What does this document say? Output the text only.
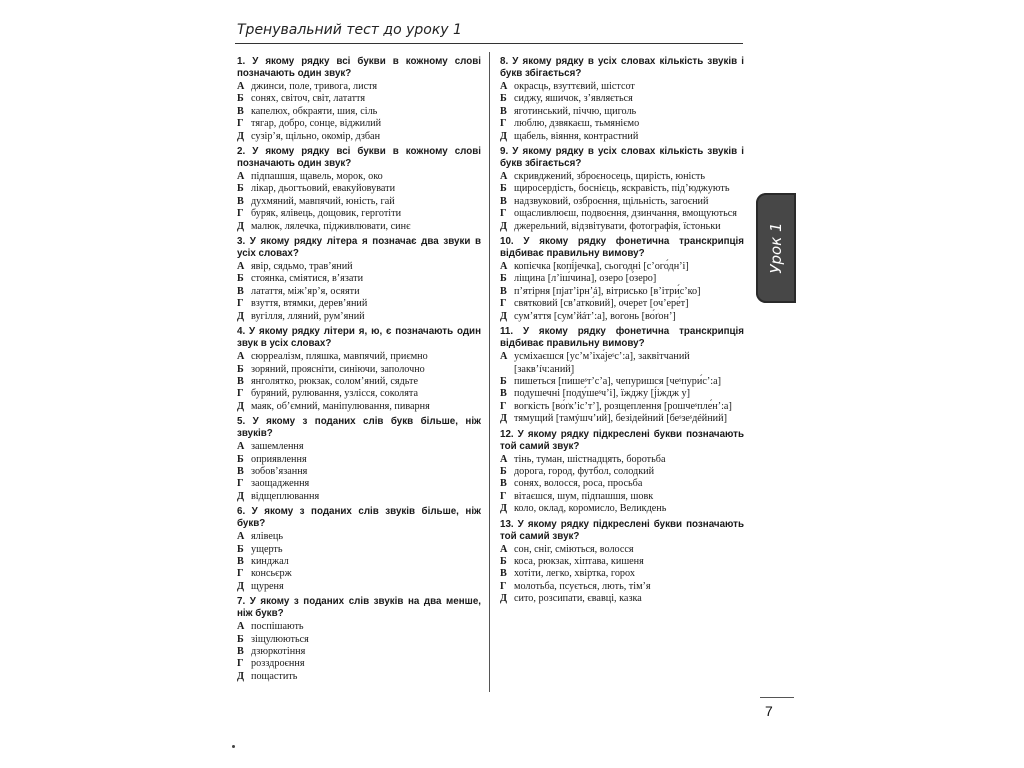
Тренувальний тест до уроку 1
1. У якому рядку всі букви в кожному слові позначають один звук?
А джинси, поле, тривога, листя
Б сонях, світоч, світ, латаття
В капелюх, обкраяти, шия, сіль
Г тягар, добро, сонце, віджилий
Д сузір’я, щільно, окомір, дзбан
2. У якому рядку всі букви в кожному слові позначають один звук?
А підпашшя, щавель, морок, око
Б лікар, дьогтьовий, евакуйовувати
В духмяний, мавпячий, юність, гай
Г буряк, ялівець, дощовик, герготіти
Д малюк, лялечка, підживлювати, синє
3. У якому рядку літера я позначає два звуки в усіх словах?
А явір, сядьмо, трав’яний
Б стоянка, сміятися, в’язати
В латаття, між’яр’я, осяяти
Г взуття, втямки, дерев’яний
Д вугілля, лляний, рум’яний
4. У якому рядку літери я, ю, є позначають один звук в усіх словах?
А сюрреалізм, пляшка, мавпячий, приємно
Б зоряний, прояснiти, синiючи, заполочно
В янголятко, рюкзак, солом’яний, сядьте
Г буряний, рулювання, узлісся, соколята
Д маяк, об’ємний, маніпулювання, пиварня
5. У якому з поданих слів букв більше, ніж звуків?
А зашемлення
Б оприявлення
В зобов’язання
Г заощадження
Д відщеплювання
6. У якому з поданих слів звуків більше, ніж букв?
А ялівець
Б ущерть
В кинджал
Г консьєрж
Д щуреня
7. У якому з поданих слів звуків на два менше, ніж букв?
А поспішають
Б зіщулюються
В дзюркотіння
Г розздроєння
Д пощастить
8. У якому рядку в усіх словах кількість звуків і букв збігається?
А окрасць, взуттєвий, шістсот
Б сиджу, яшичок, з’являється
В яготинський, піччю, щиголь
Г люблю, дзвякаєш, тьмяніємо
Д щабель, віяння, контрастний
9. У якому рядку в усіх словах кількість звуків і букв збігається?
А скривджений, зброєносець, щирість, юність
Б щиросердість, боснієць, яскравість, під’юджують
В надзвуковий, озброєння, щільність, загоєний
Г ощасливлюєш, подвоєння, дзинчання, вмощуються
Д джерельний, відзвітувати, фотографія, їстоньки
10. У якому рядку фонетична транскрипція відбиває правильну вимову?
А копієчка [копі́јечка], сьогодні [с’ого́дн’і]
Б ліщина [л’іш́чина], озеро [о́зеро]
В п’ятірня [пjат’ірн’á], вітрисько [в’ітри́с’ко]
Г святковий [св’атко́вий], очерет [оч’ере́т]
Д сум’яття [сум’йáт’:а], вогонь [во́ґон’]
11. У якому рядку фонетична транскрипція відбиває правильну вимову?
А усміхаєшся [ус’м’іха́јеˢс’:а], заквітчаний [закв’íч:аний]
Б пишеться [пи́шеˢт’с’а], чепуришся [чеˢпури́с’:а]
В подушечні [поду́шеˢч’і], їжджу [ј́іждж у]
Г вогкість [во́ґк’іс’т’], розщеплення [рошчеˢпле́н’:а]
Д тямущий [тамýшч’ий], безідейний [беˢзеˢдéйний]
12. У якому рядку підкреслені букви позначають той самий звук?
А тінь, туман, шістнадцять, боротьба
Б дорога, город, футбол, солодкий
В сонях, волосся, роса, просьба
Г вітаєшся, шум, підпашшя, шовк
Д коло, оклад, коромисло, Великдень
13. У якому рядку підкреслені букви позначають той самий звук?
А сон, сніг, сміються, волосся
Б коса, рюкзак, хіптава, кишеня
В хотіти, легко, хвіртка, горох
Г молотьба, псується, лють, тім’я
Д сито, розсипати, євавці, казка
Урок 1
7
